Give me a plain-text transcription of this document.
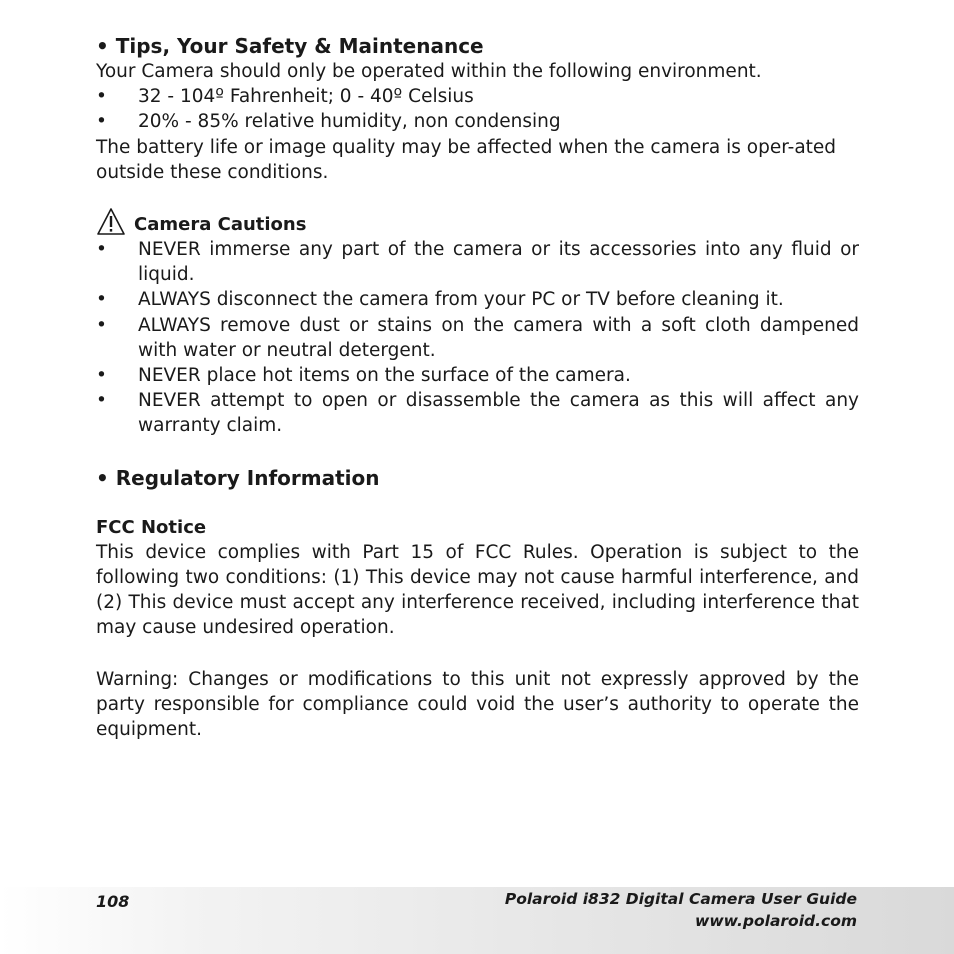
• Tips, Your Safety & Maintenance

Your Camera should only be operated within the following environment.

•	32 - 104º Fahrenheit; 0 - 40º Celsius
•	20% - 85% relative humidity, non condensing

The battery life or image quality may be affected when the camera is oper-ated outside these conditions.

Camera Cautions
•	NEVER immerse any part of the camera or its accessories into any fluid or liquid.
•	ALWAYS disconnect the camera from your PC or TV before cleaning it.
•	ALWAYS remove dust or stains on the camera with a soft cloth dampened with water or neutral detergent.
•	NEVER place hot items on the surface of the camera.
•	NEVER attempt to open or disassemble the camera as this will affect any warranty claim.

• Regulatory Information

FCC Notice

This device complies with Part 15 of FCC Rules. Operation is subject to the following two conditions: (1) This device may not cause harmful interference, and (2) This device must accept any interference received, including interference that may cause undesired operation.

Warning: Changes or modifications to this unit not expressly approved by the party responsible for compliance could void the user’s authority to operate the equipment.

108	Polaroid i832 Digital Camera User Guide
www.polaroid.com
